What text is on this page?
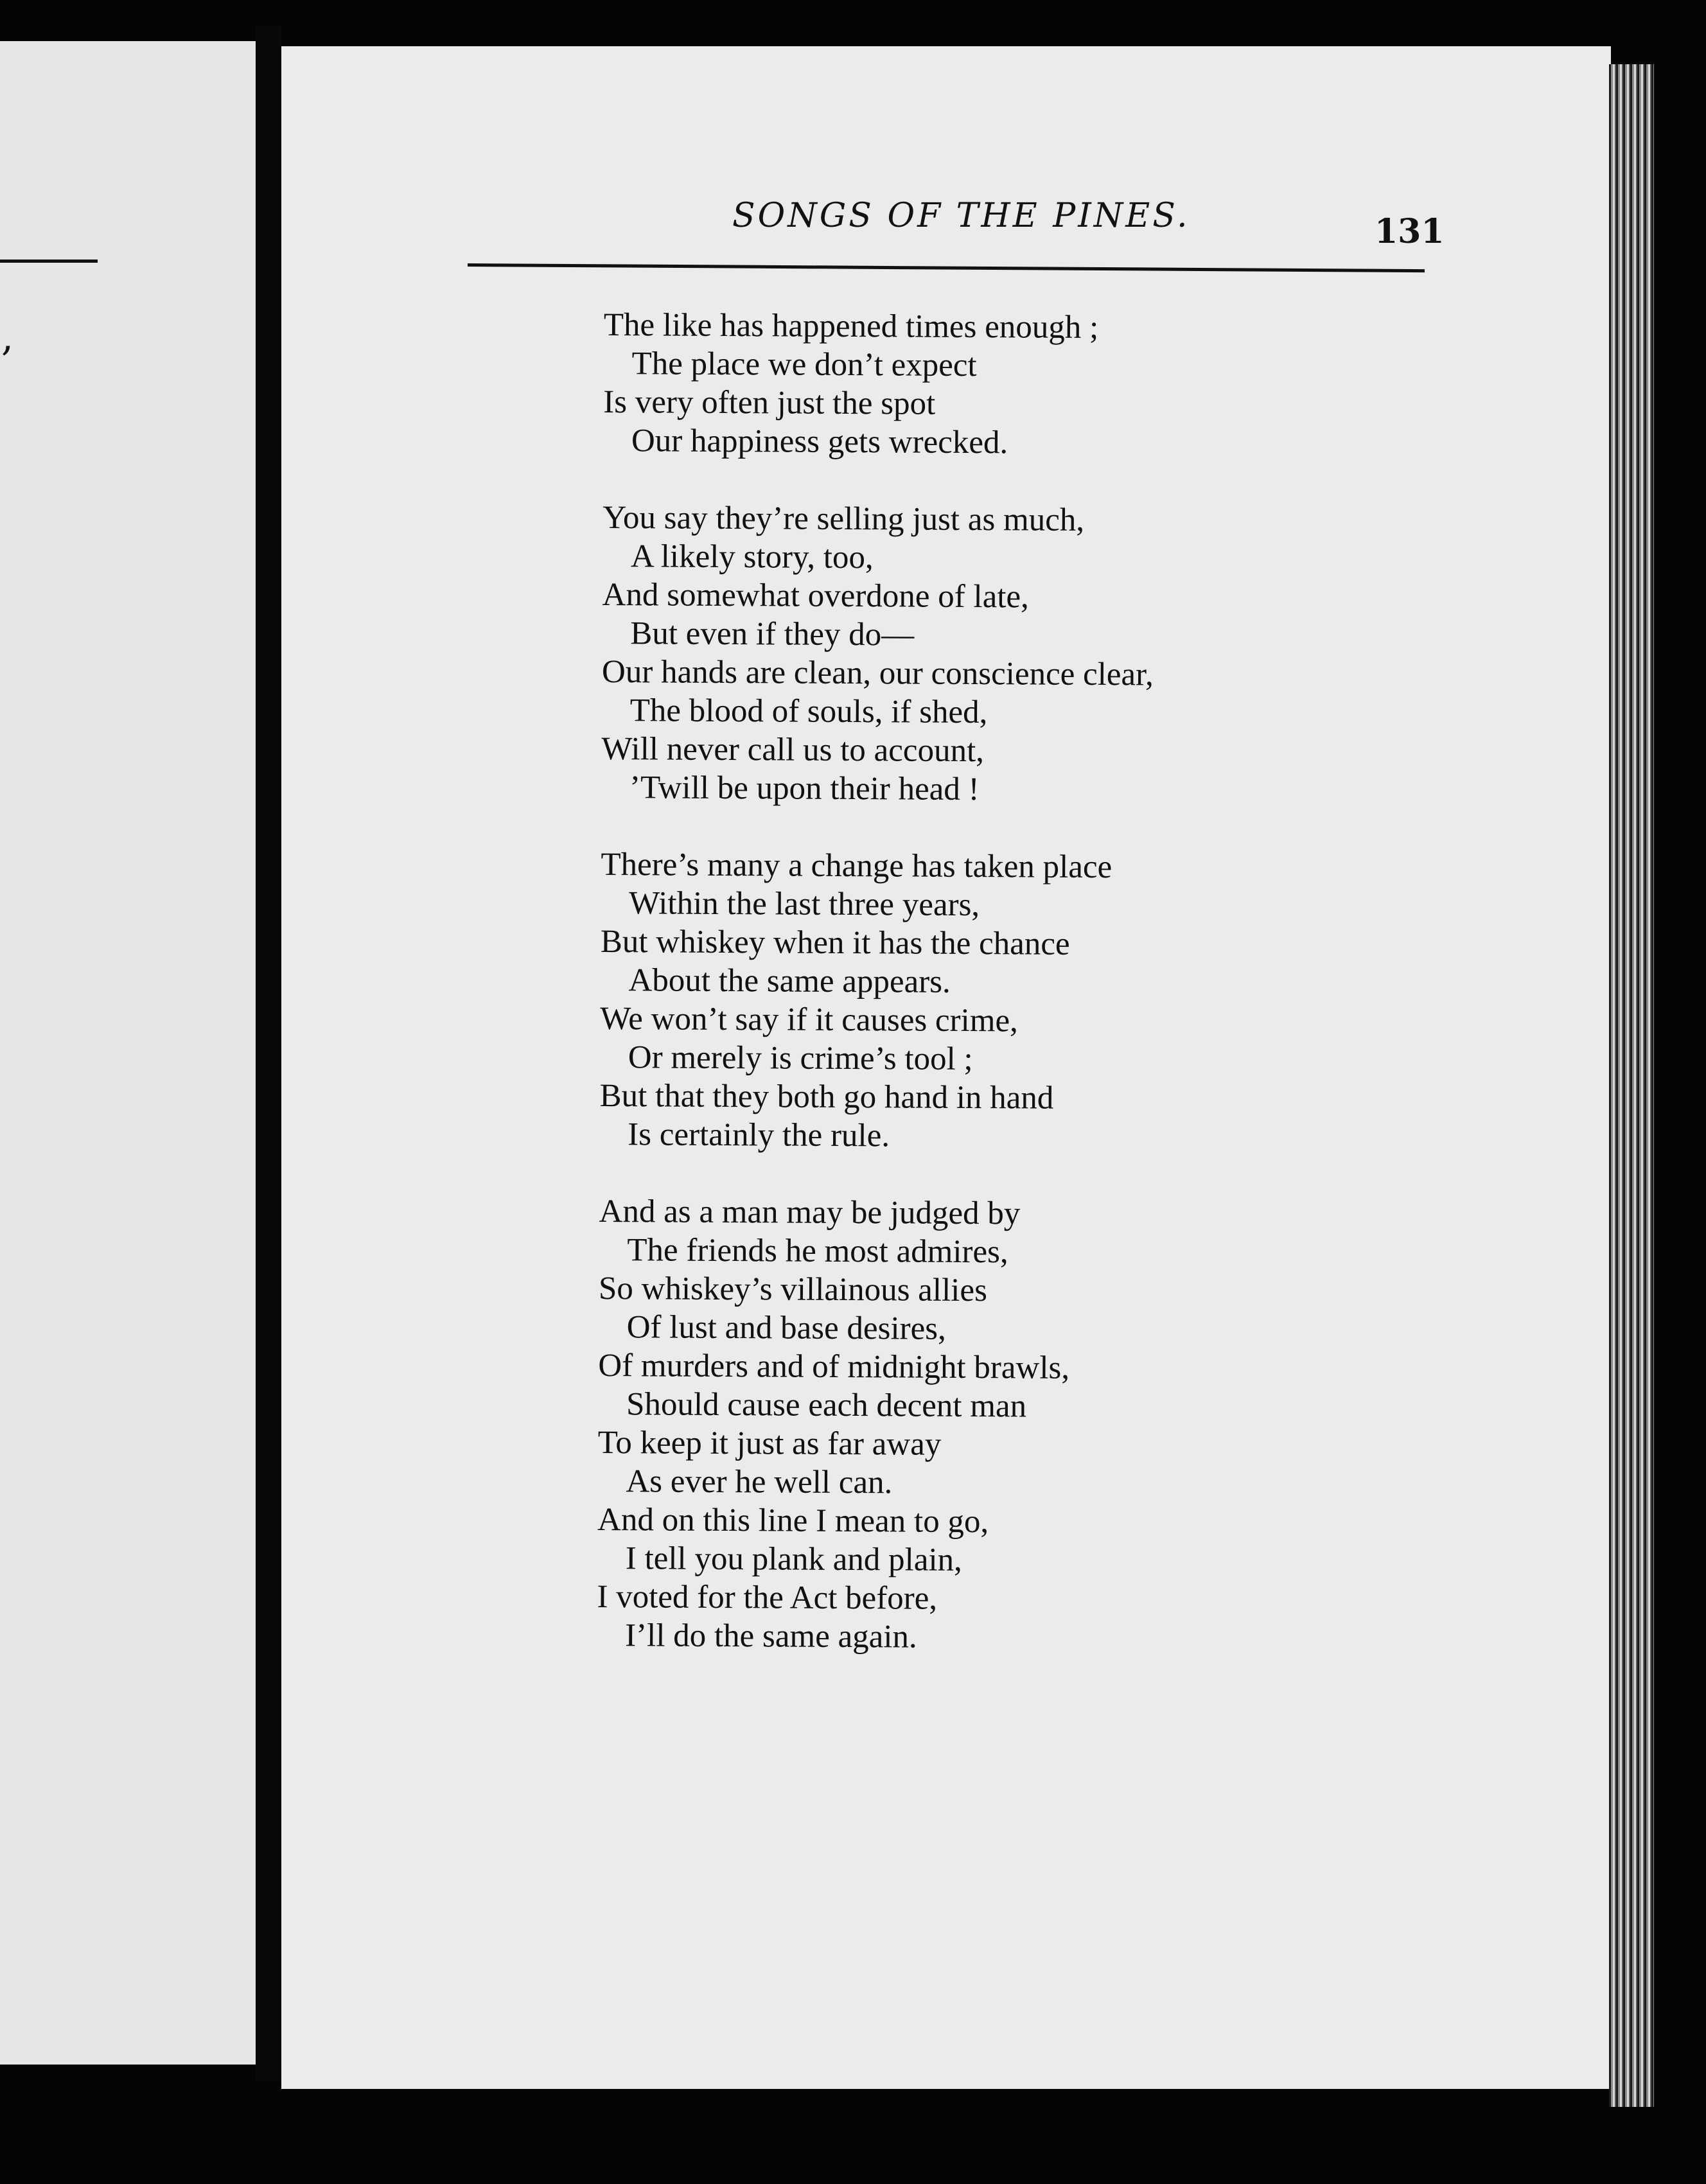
,
SONGS OF THE PINES.	131
The like has happened times enough ;
The place we don’t expect
Is very often just the spot
Our happiness gets wrecked.
You say they’re selling just as much,
A likely story, too,
And somewhat overdone of late,
But even if they do—
Our hands are clean, our conscience clear,
The blood of souls, if shed,
Will never call us to account,
’Twill be upon their head !
There’s many a change has taken place
Within the last three years,
But whiskey when it has the chance
About the same appears.
We won’t say if it causes crime,
Or merely is crime’s tool ;
But that they both go hand in hand
Is certainly the rule.
And as a man may be judged by
The friends he most admires,
So whiskey’s villainous allies
Of lust and base desires,
Of murders and of midnight brawls,
Should cause each decent man
To keep it just as far away
As ever he well can.
And on this line I mean to go,
I tell you plank and plain,
I voted for the Act before,
I’ll do the same again.
